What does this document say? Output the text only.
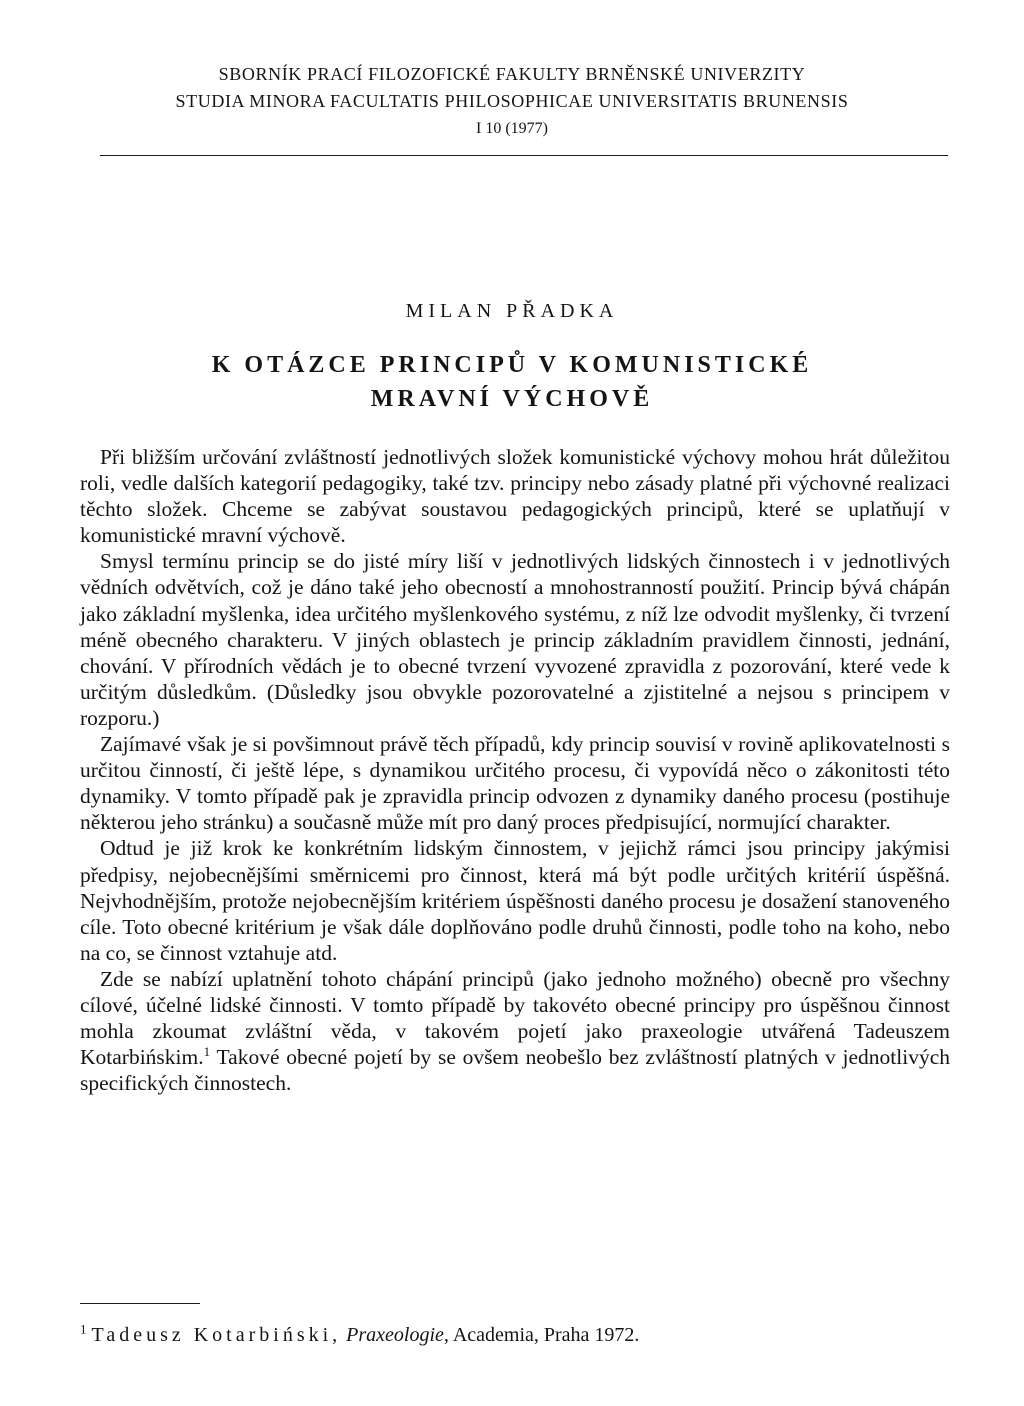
SBORNÍK PRACÍ FILOZOFICKÉ FAKULTY BRNĚNSKÉ UNIVERZITY
STUDIA MINORA FACULTATIS PHILOSOPHICAE UNIVERSITATIS BRUNENSIS
I 10 (1977)
MILAN PŘADKA
K OTÁZCE PRINCIPŮ V KOMUNISTICKÉ
MRAVNÍ VÝCHOVĚ

Při bližším určování zvláštností jednotlivých složek komunistické výchovy mohou hrát důležitou roli, vedle dalších kategorií pedagogiky, také tzv. principy nebo zásady platné při výchovné realizaci těchto složek. Chceme se zabývat soustavou pedagogických principů, které se uplatňují v komunistické mravní výchově.

Smysl termínu princip se do jisté míry liší v jednotlivých lidských činnostech i v jednotlivých vědních odvětvích, což je dáno také jeho obecností a mnohostranností použití. Princip bývá chápán jako základní myšlenka, idea určitého myšlenkového systému, z níž lze odvodit myšlenky, či tvrzení méně obecného charakteru. V jiných oblastech je princip základním pravidlem činnosti, jednání, chování. V přírodních vědách je to obecné tvrzení vyvozené zpravidla z pozorování, které vede k určitým důsledkům. (Důsledky jsou obvykle pozorovatelné a zjistitelné a nejsou s principem v rozporu.)

Zajímavé však je si povšimnout právě těch případů, kdy princip souvisí v rovině aplikovatelnosti s určitou činností, či ještě lépe, s dynamikou určitého procesu, či vypovídá něco o zákonitosti této dynamiky. V tomto případě pak je zpravidla princip odvozen z dynamiky daného procesu (postihuje některou jeho stránku) a současně může mít pro daný proces předpisující, normující charakter.

Odtud je již krok ke konkrétním lidským činnostem, v jejichž rámci jsou principy jakýmisi předpisy, nejobecnějšími směrnicemi pro činnost, která má být podle určitých kritérií úspěšná. Nejvhodnějším, protože nejobecnějším kritériem úspěšnosti daného procesu je dosažení stanoveného cíle. Toto obecné kritérium je však dále doplňováno podle druhů činnosti, podle toho na koho, nebo na co, se činnost vztahuje atd.

Zde se nabízí uplatnění tohoto chápání principů (jako jednoho možného) obecně pro všechny cílové, účelné lidské činnosti. V tomto případě by takovéto obecné principy pro úspěšnou činnost mohla zkoumat zvláštní věda, v takovém pojetí jako praxeologie utvářená Tadeuszem Kotarbińskim.$^1$ Takové obecné pojetí by se ovšem neobešlo bez zvláštností platných v jednotlivých specifických činnostech.

$^1$ Tadeusz Kotarbiński, Praxeologie, Academia, Praha 1972.
